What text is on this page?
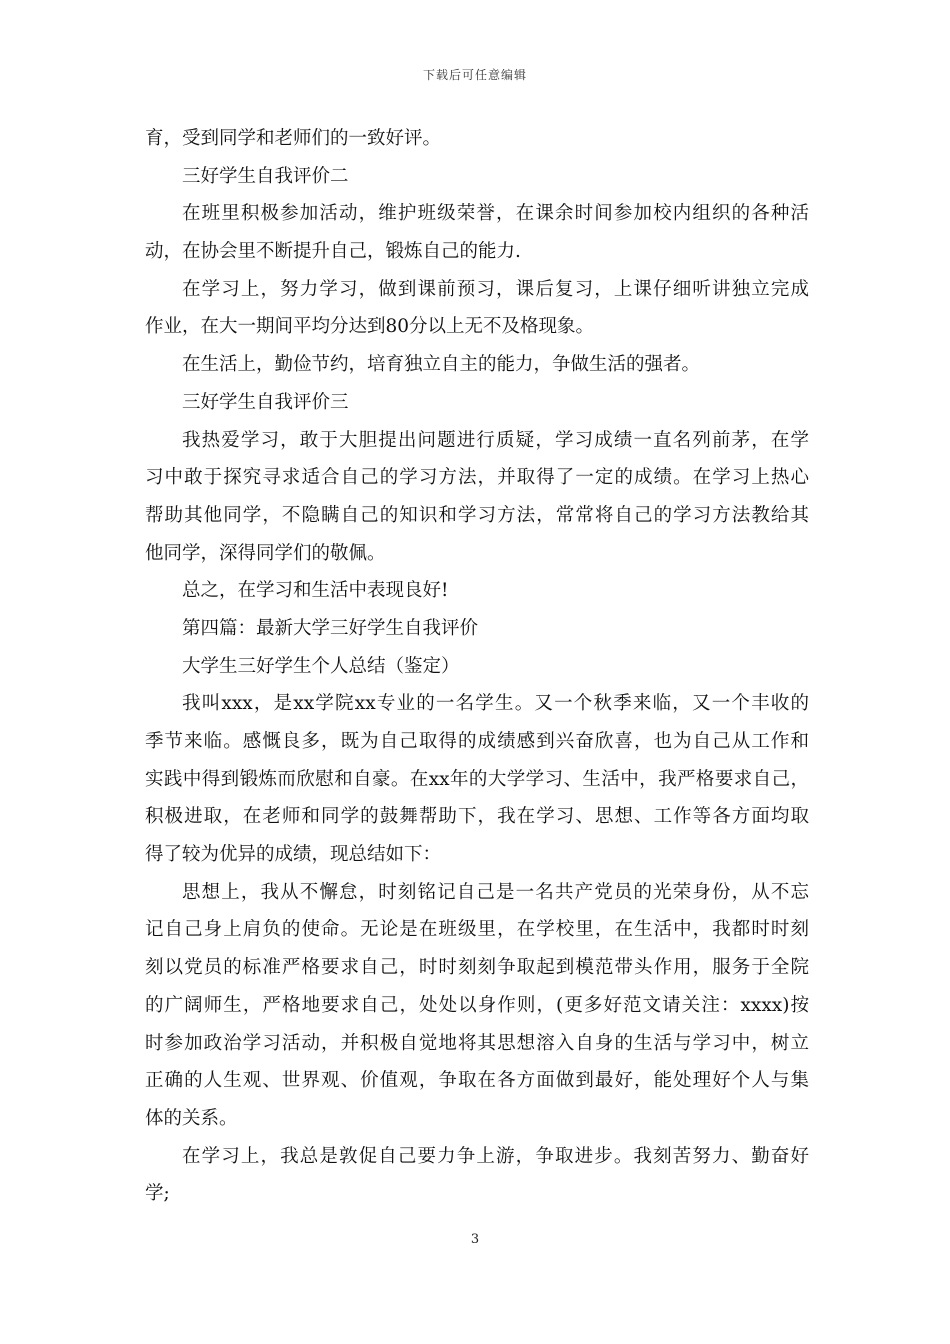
下载后可任意编辑
育，受到同学和老师们的一致好评。
三好学生自我评价二
在班里积极参加活动，维护班级荣誉，在课余时间参加校内组织的各种活
动，在协会里不断提升自己，锻炼自己的能力.
在学习上，努力学习，做到课前预习，课后复习，上课仔细听讲独立完成
作业，在大一期间平均分达到80分以上无不及格现象。
在生活上，勤俭节约，培育独立自主的能力，争做生活的强者。
三好学生自我评价三
我热爱学习，敢于大胆提出问题进行质疑，学习成绩一直名列前茅，在学
习中敢于探究寻求适合自己的学习方法，并取得了一定的成绩。在学习上热心
帮助其他同学，不隐瞒自己的知识和学习方法，常常将自己的学习方法教给其
他同学，深得同学们的敬佩。
总之，在学习和生活中表现良好!
第四篇：最新大学三好学生自我评价
大学生三好学生个人总结（鉴定）
我叫xxx，是xx学院xx专业的一名学生。又一个秋季来临，又一个丰收的
季节来临。感慨良多，既为自己取得的成绩感到兴奋欣喜，也为自己从工作和
实践中得到锻炼而欣慰和自豪。在xx年的大学学习、生活中，我严格要求自己，
积极进取，在老师和同学的鼓舞帮助下，我在学习、思想、工作等各方面均取
得了较为优异的成绩，现总结如下：
思想上，我从不懈怠，时刻铭记自己是一名共产党员的光荣身份，从不忘
记自己身上肩负的使命。无论是在班级里，在学校里，在生活中，我都时时刻
刻以党员的标准严格要求自己，时时刻刻争取起到模范带头作用，服务于全院
的广阔师生，严格地要求自己，处处以身作则，(更多好范文请关注：xxxx)按
时参加政治学习活动，并积极自觉地将其思想溶入自身的生活与学习中，树立
正确的人生观、世界观、价值观，争取在各方面做到最好，能处理好个人与集
体的关系。
在学习上，我总是敦促自己要力争上游，争取进步。我刻苦努力、勤奋好
学;
3
